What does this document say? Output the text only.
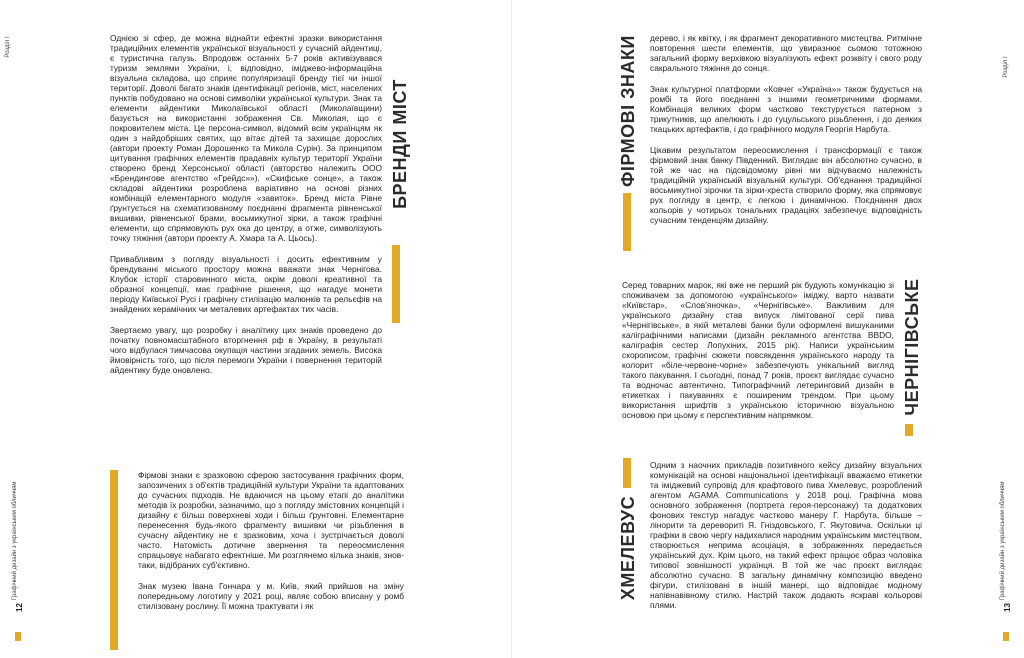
Розділ І	Однією зі сфер, де можна віднайти ефектні зразки використання традиційних елементів української візуальності у сучасній айдентиці, є туристична галузь. Впродовж останніх 5-7 років активізувався туризм землями України, і, відповідно, іміджево-інформаційна візуальна складова, що сприяє популяризації бренду тієї чи іншої території. Доволі багато знаків ідентифікації регіонів, міст, населених пунктів побудовано на основі символіки української культури. Знак та елементи айдентики Миколаївської області (Миколаївщини) базується на використанні зображення Св. Миколая, що є покровителем міста. Це персона-символ, відомий всім українцям як один з найдобріших святих, що вітає дітей та захищає дорослих (автори проекту Роман Дорошенко та Микола Сурін). За принципом цитування графічних елементів прадавніх культур території України створено бренд Херсонської області (авторство належить ООО «Брендингове агентство «Грейдс»»). «Скифське сонце», а також складові айдентики розроблена варіативно на основі різних комбінацій елементарного модуля «завиток». Бренд міста Рівне ґрунтується на схематизованому поєднанні фрагмента рівненської вишивки, рівненської брами, восьмикутної зірки, а також графічні елементи, що спрямовують рух ока до центру, а отже, символізують точку тяжіння (автори проекту А. Хмара та А. Цьось).

Привабливим з погляду візуальності і досить ефективним у брендуванні міського простору можна вважати знак Чернігова. Клубок історії старовинного міста, окрім доволі креативної та образної концепції, має графічне рішення, що нагадує монети періоду Київської Русі і графічну стилізацію малюнків та рельєфів на знайдених керамічних чи металевих артефактах тих часів.

Звертаємо увагу, що розробку і аналітику цих знаків проведено до початку повномасштабного вторгнення рф в Україну, в результаті чого відбулася тимчасова окупація частини згаданих земель. Висока ймовірність того, що після перемоги України і повернення територій айдентику буде оновлено.

БРЕНДИ МІСТ

Фірмові знаки є зразковою сферою застосування графічних форм, запозичених з об'єктів традиційній культури України та адаптованих до сучасних підходів. Не вдаючися на цьому етапі до аналітики методів їх розробки, зазначимо, що з погляду змістовних концепцій і дизайну є більш поверхневі ходи і більш ґрунтовні. Елементарне перенесення будь-якого фрагменту вишивки чи різьблення в сучасну айдентику не є зразковим, хоча і зустрічається доволі часто. Натомість дотичне звернення та переосмислення спрацьовує набагато ефектніше. Ми розглянемо кілька знаків, знов-таки, відібраних суб'єктивно.

Знак музею Івана Гончара у м. Київ, який прийшов на зміну попередньому логотипу у 2021 році, являє собою вписану у ромб стилізовану рослину. Її можна трактувати і як

12
Графічний дизайн з українським обличчям
ФІРМОВІ ЗНАКИ дерево, і як квітку, і як фрагмент декоративного мистецтва. Ритмічне повторення шести елементів, що увиразнює сьомою тотожною загальний форму верхівкою візуалізують ефект розквіту і свого роду сакрального тяжіння до сонця.

Знак культурної платформи «Ковчег «Україна»» також будується на ромбі та його поєднанні з іншими геометричними формами. Комбінація великих форм частково текстурується патерном з трикутників, що апелюють і до гуцульського різьблення, і до деяких ткацьких артефактів, і до графічного модуля Георгія Нарбута.

Цікавим результатом переосмислення і трансформації є також фірмовий знак банку Південний. Виглядає він абсолютно сучасно, в той же час на підсвідомому рівні ми відчуваємо належність традиційній українській візуальній культурі. Об'єднання традиційної восьмикутної зірочки та зірки-хреста створило форму, яка спрямовує рух погляду в центр, є легкою і динамічною. Поєднання двох кольорів у чотирьох тональних градаціях забезпечує відповідність сучасним тенденціям дизайну.

Серед товарних марок, які вже не перший рік будують комунікацію зі споживачем за допомогою «українського» іміджу, варто назвати «Київстар», «Слов'яночка», «Чернігівське». Важливим для українського дизайну став випуск лімітованої серії пива «Чернігівське», в якій металеві банки були оформлені вишуканими каліграфічними написами (дизайн рекламного агентства BBDO, каліграфія сестер Лопухіних, 2015 рік). Написи українським скорописом, графічні сюжети повсякдення українського народу та колорит «біле-червоне-чорне» забезпечують унікальний вигляд такого пакування. І сьогодні, понад 7 років, проєкт виглядає сучасно та водночас автентично. Типографічний летеринговий дизайн в етикетках і пакуваннях є поширеним трендом. При цьому використання шрифтів з українською історичною візуальною основою при цьому є перспективним напрямком.	ЧЕРНІГІВСЬКЕ
ХМЕЛЕВУС

Одним з наочних прикладів позитивного кейсу дизайну візуальних комунікацій на основі національної ідентифікації вважаємо етикетки та іміджевий супровід для крафтового пива Хмелевус, розроблений агентом AGAMA Communications у 2018 році. Графічна мова основного зображення (портрета героя-персонажу) та додаткових фонових текстур нагадує частково манеру Г. Нарбута, більше – лінорити та деревориті Я. Гніздовського, Г. Якутовича. Оскільки ці графіки в свою чергу надихалися народним українським мистецтвом, створюється неприма асоціація, в зображеннях передається український дух. Крім цього, на такий ефект працює образ чоловіка типової зовнішності українця. В той же час проєкт виглядає абсолютно сучасно. В загальну динамічну композицію введено фігури, стилізовані в іншій манері, що відповідає модному напівнавівному стилю. Настрій також додають яскраві кольорові плями.

Розділ І
13
Графічний дизайн з українським обличчям
